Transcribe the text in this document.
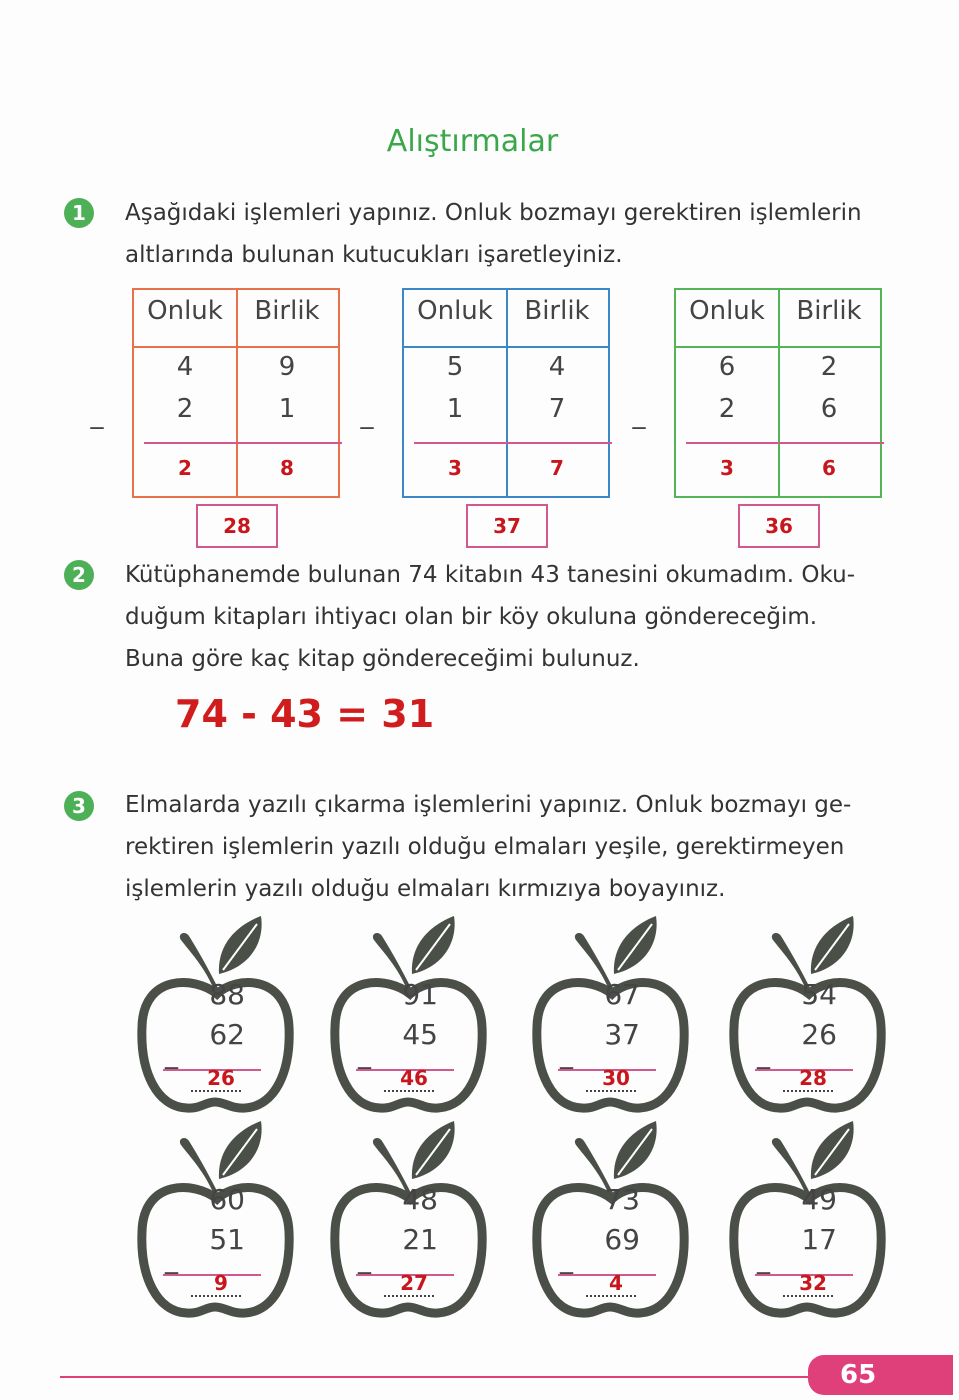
Alıştırmalar
1	Aşağıdaki işlemleri yapınız. Onluk bozmayı gerektiren işlemlerin
altlarında bulunan kutucukları işaretleyiniz.
2	Kütüphanemde bulunan 74 kitabın 43 tanesini okumadım. Oku-
duğum kitapları ihtiyacı olan bir köy okuluna göndereceğim.
Buna göre kaç kitap göndereceğimi bulunuz.
74 - 43 = 31
3	Elmalarda yazılı çıkarma işlemlerini yapınız. Onluk bozmayı ge-
rektiren işlemlerin yazılı olduğu elmaları yeşile, gerektirmeyen
işlemlerin yazılı olduğu elmaları kırmızıya boyayınız.
65
Onluk	Birlik
4	9
2	1
_
2	8
28
Onluk	Birlik
5	4
1	7
_
3	7
37
Onluk	Birlik
6	2
2	6
_
3	6
36
88
62
_
26
91
45
_
46
67
37
_
30
54
26
_
28
60
51
_
9
48
21
_
27
73
69
_
4
49
17
_
32
